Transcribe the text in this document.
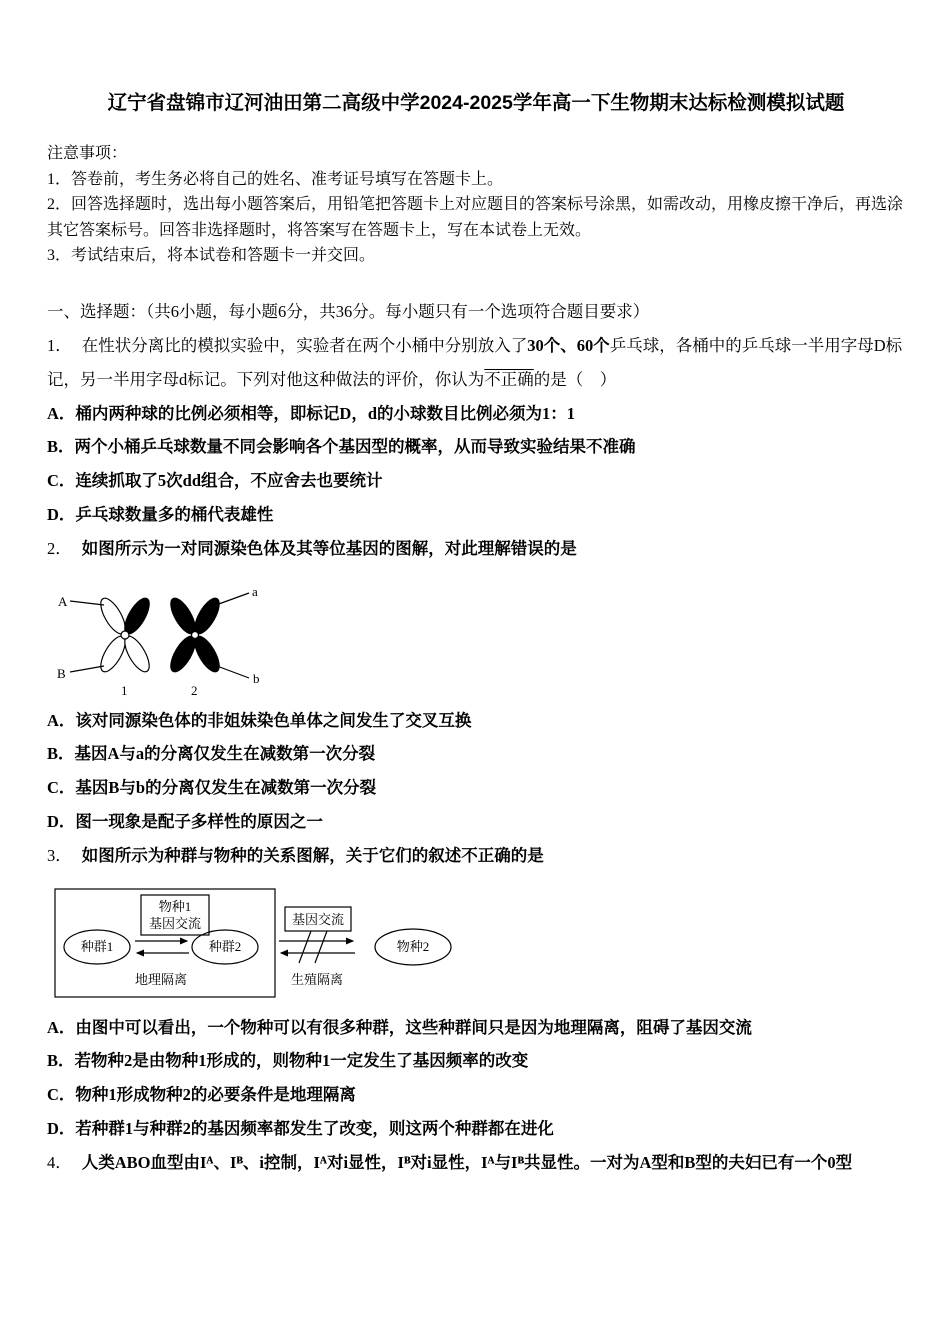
辽宁省盘锦市辽河油田第二高级中学2024-2025学年高一下生物期末达标检测模拟试题
注意事项：
1．答卷前，考生务必将自己的姓名、准考证号填写在答题卡上。
2．回答选择题时，选出每小题答案后，用铅笔把答题卡上对应题目的答案标号涂黑，如需改动，用橡皮擦干净后，再选涂其它答案标号。回答非选择题时，将答案写在答题卡上，写在本试卷上无效。
3．考试结束后，将本试卷和答题卡一并交回。
一、选择题：（共6小题，每小题6分，共36分。每小题只有一个选项符合题目要求）
1． 在性状分离比的模拟实验中，实验者在两个小桶中分别放入了30个、60个乒乓球，各桶中的乒乓球一半用字母D标记，另一半用字母d标记。下列对他这种做法的评价，你认为不正确的是（　）
A．桶内两种球的比例必须相等，即标记D，d的小球数目比例必须为1：1
B．两个小桶乒乓球数量不同会影响各个基因型的概率，从而导致实验结果不准确
C．连续抓取了5次dd组合，不应舍去也要统计
D．乒乓球数量多的桶代表雄性
2． 如图所示为一对同源染色体及其等位基因的图解，对此理解错误的是
A
B
a
b
1	2
A．该对同源染色体的非姐妹染色单体之间发生了交叉互换
B．基因A与a的分离仅发生在减数第一次分裂
C．基因B与b的分离仅发生在减数第一次分裂
D．图一现象是配子多样性的原因之一
3． 如图所示为种群与物种的关系图解，关于它们的叙述不正确的是
种群1	种群2
物种1
基因交流
地理隔离
基因交流
生殖隔离
物种2
A．由图中可以看出，一个物种可以有很多种群，这些种群间只是因为地理隔离，阻碍了基因交流
B．若物种2是由物种1形成的，则物种1一定发生了基因频率的改变
C．物种1形成物种2的必要条件是地理隔离
D．若种群1与种群2的基因频率都发生了改变，则这两个种群都在进化
4． 人类ABO血型由Iᴬ、Iᴮ、i控制，Iᴬ对i显性，Iᴮ对i显性，Iᴬ与Iᴮ共显性。一对为A型和B型的夫妇已有一个0型
